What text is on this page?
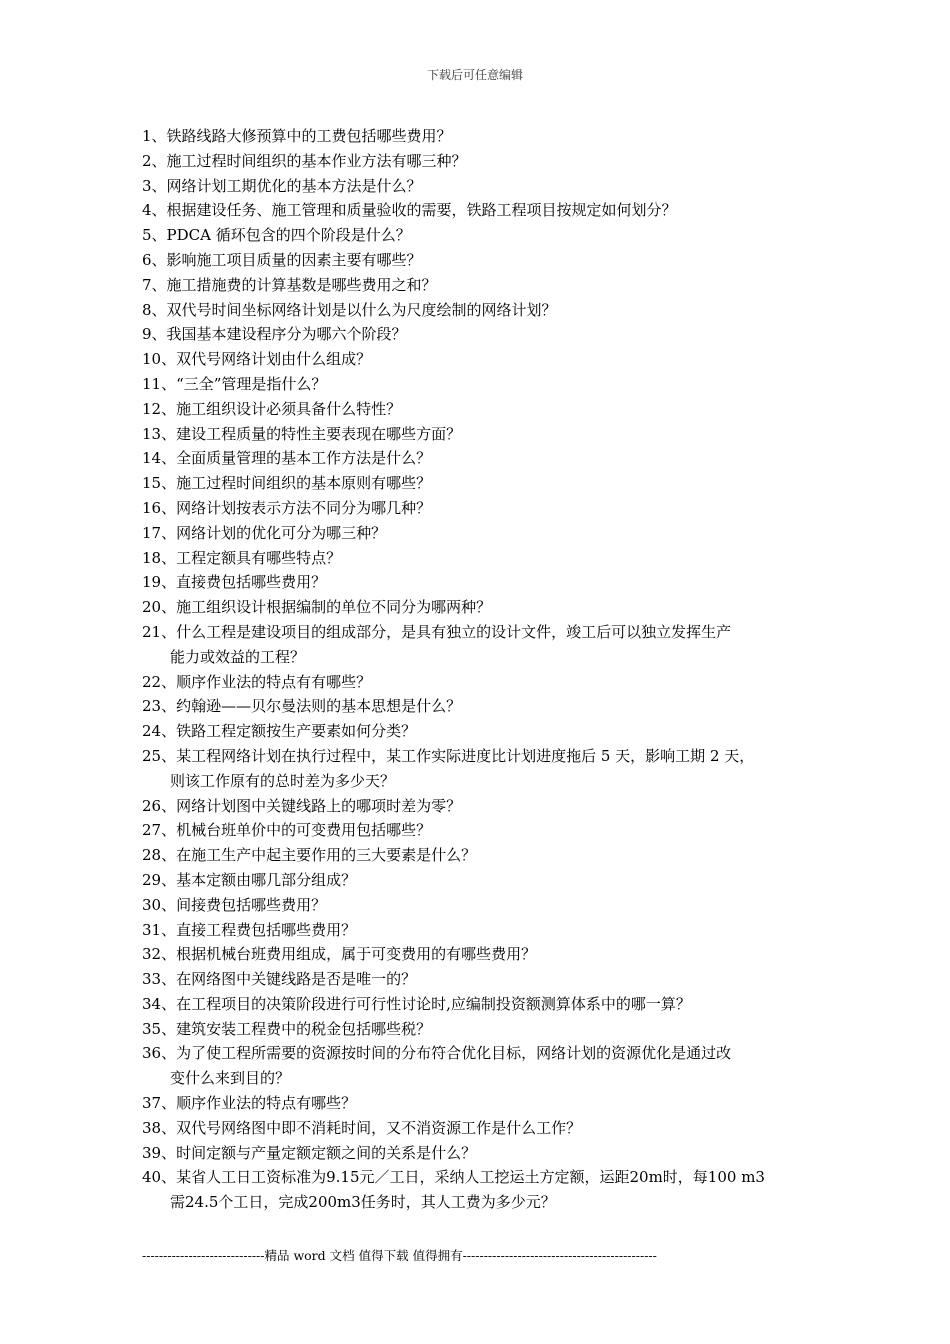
下载后可任意编辑
1、铁路线路大修预算中的工费包括哪些费用？
2、施工过程时间组织的基本作业方法有哪三种？
3、网络计划工期优化的基本方法是什么？
4、根据建设任务、施工管理和质量验收的需要，铁路工程项目按规定如何划分？
5、PDCA 循环包含的四个阶段是什么？
6、影响施工项目质量的因素主要有哪些？
7、施工措施费的计算基数是哪些费用之和？
8、双代号时间坐标网络计划是以什么为尺度绘制的网络计划？
9、我国基本建设程序分为哪六个阶段？
10、双代号网络计划由什么组成？
11、“三全”管理是指什么？
12、施工组织设计必须具备什么特性？
13、建设工程质量的特性主要表现在哪些方面？
14、全面质量管理的基本工作方法是什么？
15、施工过程时间组织的基本原则有哪些？
16、网络计划按表示方法不同分为哪几种？
17、网络计划的优化可分为哪三种？
18、工程定额具有哪些特点？
19、直接费包括哪些费用？
20、施工组织设计根据编制的单位不同分为哪两种？
21、什么工程是建设项目的组成部分，是具有独立的设计文件，竣工后可以独立发挥生产
能力或效益的工程？
22、顺序作业法的特点有有哪些？
23、约翰逊——贝尔曼法则的基本思想是什么？
24、铁路工程定额按生产要素如何分类？
25、某工程网络计划在执行过程中，某工作实际进度比计划进度拖后 5 天，影响工期 2 天，
则该工作原有的总时差为多少天？
26、网络计划图中关键线路上的哪项时差为零？
27、机械台班单价中的可变费用包括哪些？
28、在施工生产中起主要作用的三大要素是什么？
29、基本定额由哪几部分组成？
30、间接费包括哪些费用？
31、直接工程费包括哪些费用？
32、根据机械台班费用组成，属于可变费用的有哪些费用？
33、在网络图中关键线路是否是唯一的？
34、在工程项目的决策阶段进行可行性讨论时,应编制投资额测算体系中的哪一算？
35、建筑安装工程费中的税金包括哪些税？
36、为了使工程所需要的资源按时间的分布符合优化目标，网络计划的资源优化是通过改
变什么来到目的？
37、顺序作业法的特点有哪些？
38、双代号网络图中即不消耗时间，又不消资源工作是什么工作？
39、时间定额与产量定额定额之间的关系是什么？
40、某省人工日工资标准为9.15元／工日，采纳人工挖运土方定额，运距20m时，每100 m3
需24.5个工日，完成200m3任务时，其人工费为多少元？
-----------------------------精品 word 文档 值得下载 值得拥有----------------------------------------------
